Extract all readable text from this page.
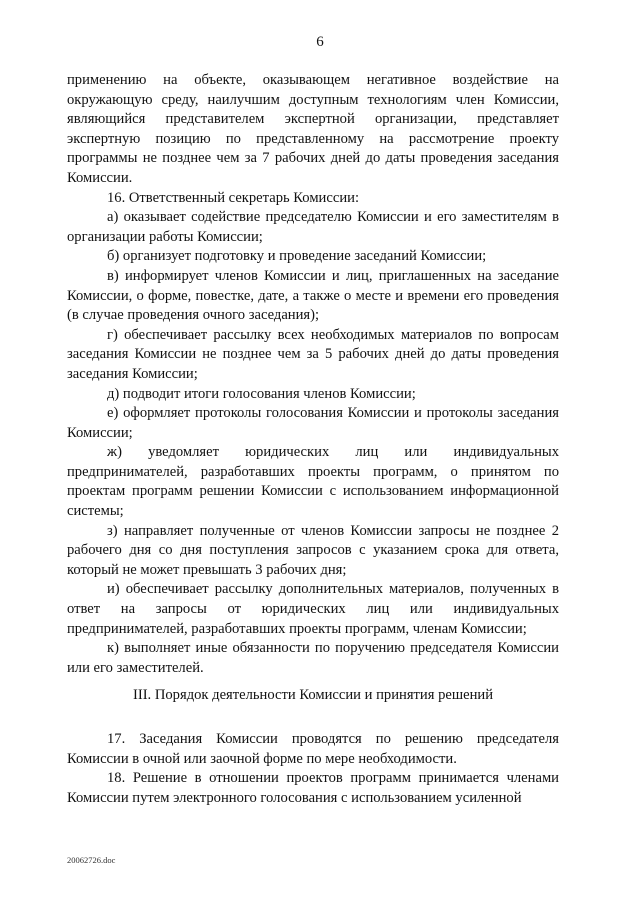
6

применению на объекте, оказывающем негативное воздействие на окружающую среду, наилучшим доступным технологиям член Комиссии, являющийся представителем экспертной организации, представляет экспертную позицию по представленному на рассмотрение проекту программы не позднее чем за 7 рабочих дней до даты проведения заседания Комиссии.

16. Ответственный секретарь Комиссии:

а) оказывает содействие председателю Комиссии и его заместителям в организации работы Комиссии;

б) организует подготовку и проведение заседаний Комиссии;

в) информирует членов Комиссии и лиц, приглашенных на заседание Комиссии, о форме, повестке, дате, а также о месте и времени его проведения (в случае проведения очного заседания);

г) обеспечивает рассылку всех необходимых материалов по вопросам заседания Комиссии не позднее чем за 5 рабочих дней до даты проведения заседания Комиссии;

д) подводит итоги голосования членов Комиссии;

е) оформляет протоколы голосования Комиссии и протоколы заседания Комиссии;

ж) уведомляет юридических лиц или индивидуальных предпринимателей, разработавших проекты программ, о принятом по проектам программ решении Комиссии с использованием информационной системы;

з) направляет полученные от членов Комиссии запросы не позднее 2 рабочего дня со дня поступления запросов с указанием срока для ответа, который не может превышать 3 рабочих дня;

и) обеспечивает рассылку дополнительных материалов, полученных в ответ на запросы от юридических лиц или индивидуальных предпринимателей, разработавших проекты программ, членам Комиссии;

к) выполняет иные обязанности по поручению председателя Комиссии или его заместителей.

III. Порядок деятельности Комиссии и принятия решений

17. Заседания Комиссии проводятся по решению председателя Комиссии в очной или заочной форме по мере необходимости.

18. Решение в отношении проектов программ принимается членами Комиссии путем электронного голосования с использованием усиленной

20062726.doc
